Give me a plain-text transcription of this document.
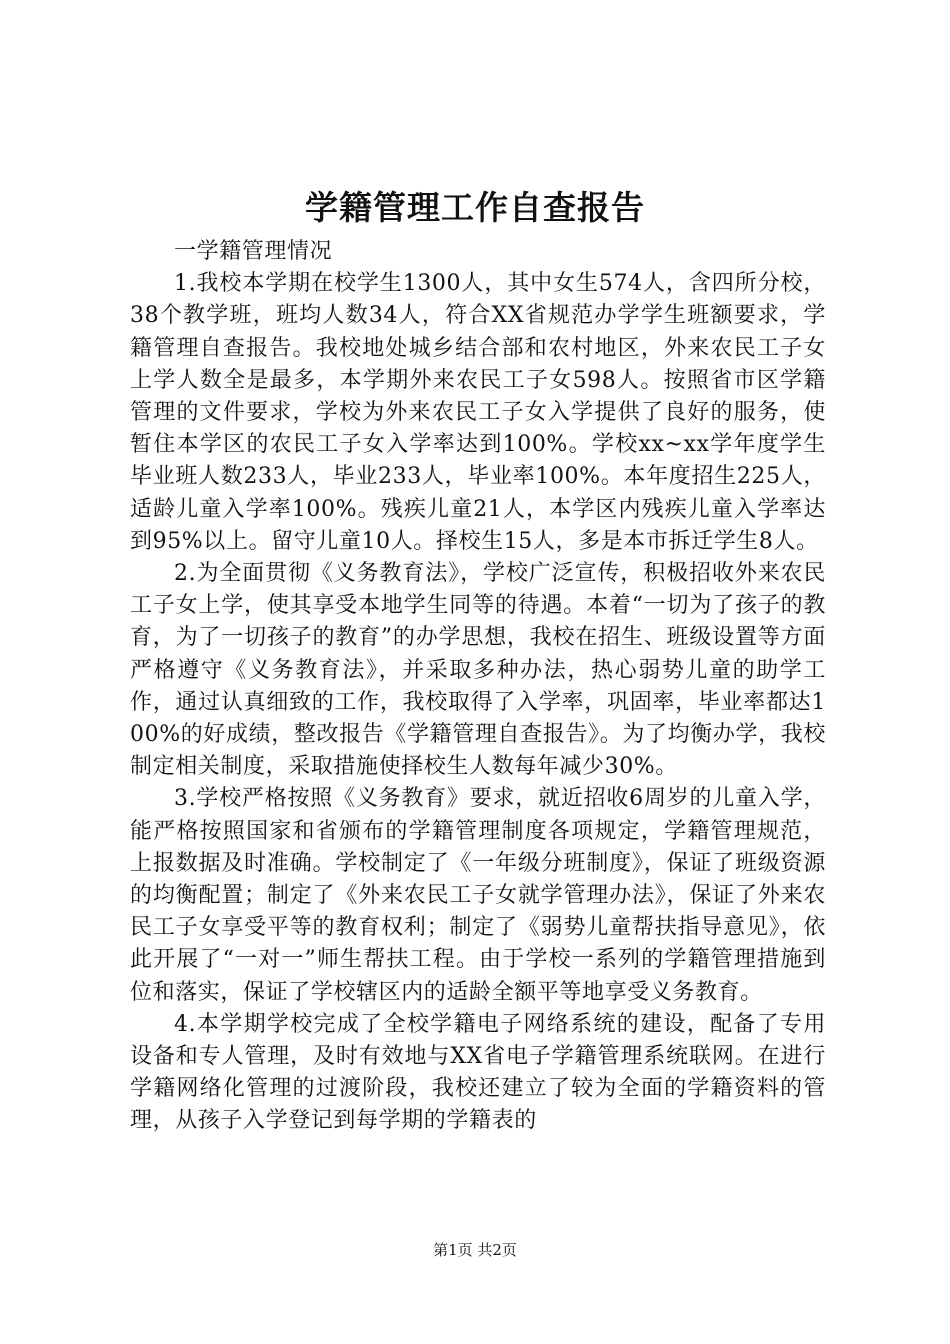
学籍管理工作自查报告

一学籍管理情况

1.我校本学期在校学生1300人，其中女生574人，含四所分校，38个教学班，班均人数34人，符合XX省规范办学学生班额要求，学籍管理自查报告。我校地处城乡结合部和农村地区，外来农民工子女上学人数全是最多，本学期外来农民工子女598人。按照省市区学籍管理的文件要求，学校为外来农民工子女入学提供了良好的服务，使暂住本学区的农民工子女入学率达到100%。学校xx~xx学年度学生毕业班人数233人，毕业233人，毕业率100%。本年度招生225人，适龄儿童入学率100%。残疾儿童21人，本学区内残疾儿童入学率达到95%以上。留守儿童10人。择校生15人，多是本市拆迁学生8人。

2.为全面贯彻《义务教育法》，学校广泛宣传，积极招收外来农民工子女上学，使其享受本地学生同等的待遇。本着“一切为了孩子的教育，为了一切孩子的教育”的办学思想，我校在招生、班级设置等方面严格遵守《义务教育法》，并采取多种办法，热心弱势儿童的助学工作，通过认真细致的工作，我校取得了入学率，巩固率，毕业率都达100%的好成绩，整改报告《学籍管理自查报告》。为了均衡办学，我校制定相关制度，采取措施使择校生人数每年减少30%。

3.学校严格按照《义务教育》要求，就近招收6周岁的儿童入学，能严格按照国家和省颁布的学籍管理制度各项规定，学籍管理规范，上报数据及时准确。学校制定了《一年级分班制度》，保证了班级资源的均衡配置；制定了《外来农民工子女就学管理办法》，保证了外来农民工子女享受平等的教育权利；制定了《弱势儿童帮扶指导意见》，依此开展了“一对一”师生帮扶工程。由于学校一系列的学籍管理措施到位和落实，保证了学校辖区内的适龄全额平等地享受义务教育。

4.本学期学校完成了全校学籍电子网络系统的建设，配备了专用设备和专人管理，及时有效地与XX省电子学籍管理系统联网。在进行学籍网络化管理的过渡阶段，我校还建立了较为全面的学籍资料的管理，从孩子入学登记到每学期的学籍表的

第1页 共2页
